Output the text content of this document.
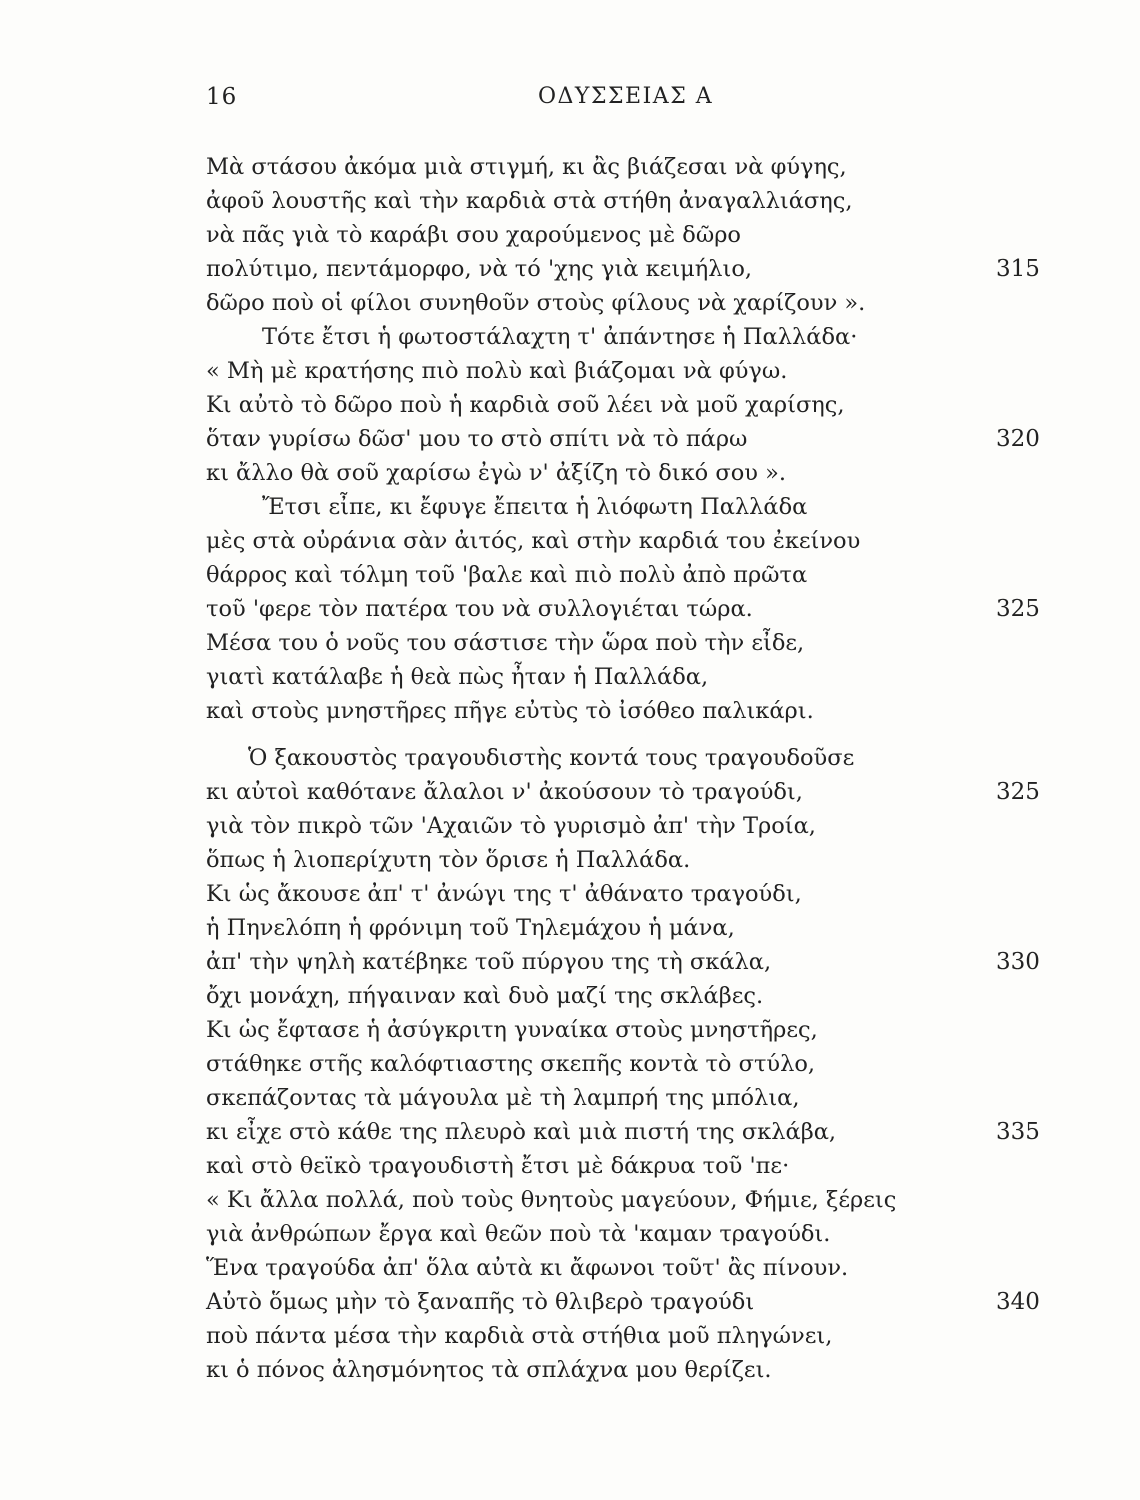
16	ΟΔΥΣΣΕΙΑΣ Α
Μὰ στάσου ἀκόμα μιὰ στιγμή, κι ἂς βιάζεσαι νὰ φύγης,
ἀφοῦ λουστῆς καὶ τὴν καρδιὰ στὰ στήθη ἀναγαλλιάσης,
νὰ πᾶς γιὰ τὸ καράβι σου χαρούμενος μὲ δῶρο
πολύτιμο, πεντάμορφο, νὰ τό 'χης γιὰ κειμήλιο,	315
δῶρο ποὺ οἱ φίλοι συνηθοῦν στοὺς φίλους νὰ χαρίζουν ».
Τότε ἔτσι ἡ φωτοστάλαχτη τ' ἀπάντησε ἡ Παλλάδα·
« Μὴ μὲ κρατήσης πιὸ πολὺ καὶ βιάζομαι νὰ φύγω.
Κι αὐτὸ τὸ δῶρο ποὺ ἡ καρδιὰ σοῦ λέει νὰ μοῦ χαρίσης,
ὅταν γυρίσω δῶσ' μου το στὸ σπίτι νὰ τὸ πάρω	320
κι ἄλλο θὰ σοῦ χαρίσω ἐγὼ ν' ἀξίζη τὸ δικό σου ».
Ἔτσι εἶπε, κι ἔφυγε ἔπειτα ἡ λιόφωτη Παλλάδα
μὲς στὰ οὐράνια σὰν ἀιτός, καὶ στὴν καρδιά του ἐκείνου
θάρρος καὶ τόλμη τοῦ 'βαλε καὶ πιὸ πολὺ ἀπὸ πρῶτα
τοῦ 'φερε τὸν πατέρα του νὰ συλλογιέται τώρα.	325
Μέσα του ὁ νοῦς του σάστισε τὴν ὥρα ποὺ τὴν εἶδε,
γιατὶ κατάλαβε ἡ θεὰ πὼς ἦταν ἡ Παλλάδα,
καὶ στοὺς μνηστῆρες πῆγε εὐτὺς τὸ ἰσόθεο παλικάρι.
Ὁ ξακουστὸς τραγουδιστὴς κοντά τους τραγουδοῦσε
κι αὐτοὶ καθότανε ἄλαλοι ν' ἀκούσουν τὸ τραγούδι,	325
γιὰ τὸν πικρὸ τῶν 'Αχαιῶν τὸ γυρισμὸ ἀπ' τὴν Τροία,
ὅπως ἡ λιοπερίχυτη τὸν ὅρισε ἡ Παλλάδα.
Κι ὡς ἄκουσε ἀπ' τ' ἀνώγι της τ' ἀθάνατο τραγούδι,
ἡ Πηνελόπη ἡ φρόνιμη τοῦ Τηλεμάχου ἡ μάνα,
ἀπ' τὴν ψηλὴ κατέβηκε τοῦ πύργου της τὴ σκάλα,	330
ὄχι μονάχη, πήγαιναν καὶ δυὸ μαζί της σκλάβες.
Κι ὡς ἔφτασε ἡ ἀσύγκριτη γυναίκα στοὺς μνηστῆρες,
στάθηκε στῆς καλόφτιαστης σκεπῆς κοντὰ τὸ στύλο,
σκεπάζοντας τὰ μάγουλα μὲ τὴ λαμπρή της μπόλια,
κι εἶχε στὸ κάθε της πλευρὸ καὶ μιὰ πιστή της σκλάβα,	335
καὶ στὸ θεϊκὸ τραγουδιστὴ ἔτσι μὲ δάκρυα τοῦ 'πε·
« Κι ἄλλα πολλά, ποὺ τοὺς θνητοὺς μαγεύουν, Φήμιε, ξέρεις
γιὰ ἀνθρώπων ἔργα καὶ θεῶν ποὺ τὰ 'καμαν τραγούδι.
Ἕνα τραγούδα ἀπ' ὅλα αὐτὰ κι ἄφωνοι τοῦτ' ἂς πίνουν.
Αὐτὸ ὅμως μὴν τὸ ξαναπῆς τὸ θλιβερὸ τραγούδι	340
ποὺ πάντα μέσα τὴν καρδιὰ στὰ στήθια μοῦ πληγώνει,
κι ὁ πόνος ἀλησμόνητος τὰ σπλάχνα μου θερίζει.
